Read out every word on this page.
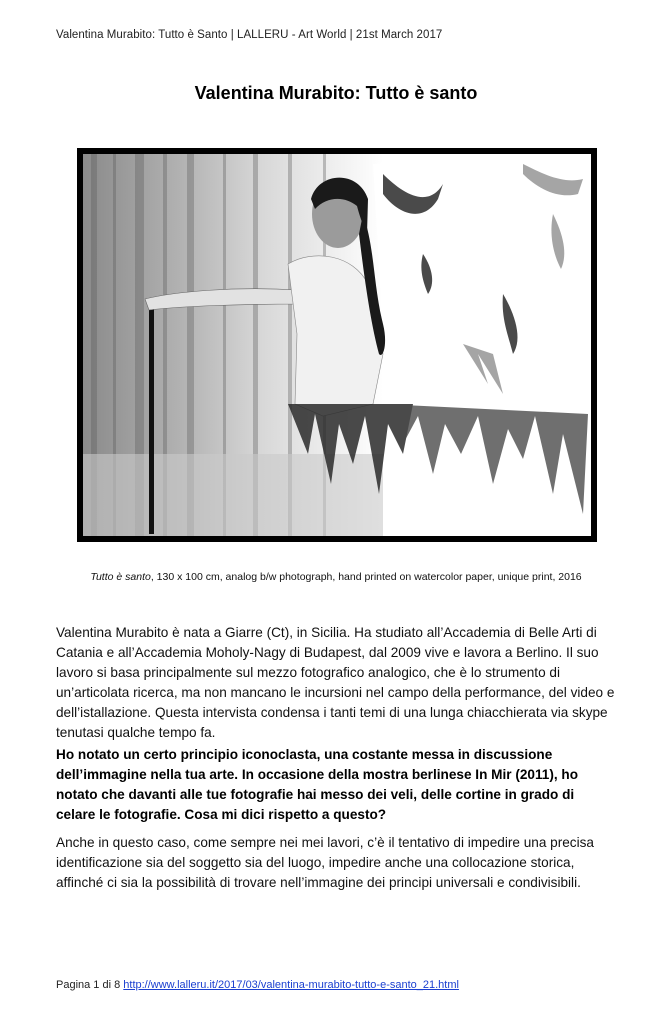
Valentina Murabito: Tutto è Santo | LALLERU - Art World | 21st March 2017
Valentina Murabito: Tutto è santo
Tutto è santo, 130 x 100 cm, analog b/w photograph, hand printed on watercolor paper, unique print, 2016
Valentina Murabito è nata a Giarre (Ct), in Sicilia. Ha studiato all’Accademia di Belle Arti di Catania e all’Accademia Moholy-Nagy di Budapest, dal 2009 vive e lavora a Berlino. Il suo lavoro si basa principalmente sul mezzo fotografico analogico, che è lo strumento di un’articolata ricerca, ma non mancano le incursioni nel campo della performance, del video e dell’istallazione. Questa intervista condensa i tanti temi di una lunga chiacchierata via skype tenutasi qualche tempo fa.
Ho notato un certo principio iconoclasta, una costante messa in discussione dell’immagine nella tua arte. In occasione della mostra berlinese In Mir (2011), ho notato che davanti alle tue fotografie hai messo dei veli, delle cortine in grado di celare le fotografie. Cosa mi dici rispetto a questo?
Anche in questo caso, come sempre nei mei lavori, c’è il tentativo di impedire una precisa identificazione sia del soggetto sia del luogo, impedire anche una collocazione storica, affinché ci sia la possibilità di trovare nell’immagine dei principi universali e condivisibili.
Pagina 1 di 8 http://www.lalleru.it/2017/03/valentina-murabito-tutto-e-santo_21.html
